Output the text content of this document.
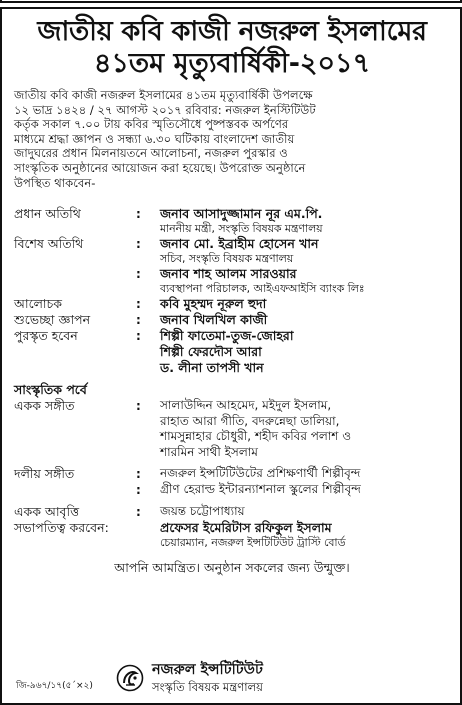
জাতীয় কবি কাজী নজরুল ইসলামের
৪১তম মৃত্যুবার্ষিকী-২০১৭

জাতীয় কবি কাজী নজরুল ইসলামের ৪১তম মৃত্যুবার্ষিকী উপলক্ষে

১২ ভাদ্র ১৪২৪ / ২৭ আগস্ট ২০১৭ রবিবার: নজরুল ইনস্টিটিউট

কর্তৃক সকাল ৭.০০ টায় কবির স্মৃতিসৌধে পুষ্পস্তবক অর্পণের

মাধ্যমে শ্রদ্ধা জ্ঞাপন ও সন্ধ্যা ৬.৩০ ঘটিকায় বাংলাদেশ জাতীয়

জাদুঘরের প্রধান মিলনায়তনে আলোচনা, নজরুল পুরস্কার ও

সাংস্কৃতিক অনুষ্ঠানের আয়োজন করা হয়েছে। উপরোক্ত অনুষ্ঠানে

উপস্থিত থাকবেন-

প্রধান অতিথি	:	জনাব আসাদুজ্জামান নূর এম.পি.
মাননীয় মন্ত্রী, সংস্কৃতি বিষয়ক মন্ত্রণালয়
বিশেষ অতিথি	:	জনাব মো. ইব্রাহীম হোসেন খান
সচিব, সংস্কৃতি বিষয়ক মন্ত্রণালয়
:	জনাব শাহ আলম সারওয়ার
ব্যবস্থাপনা পরিচালক, আইএফআইসি ব্যাংক লিঃ
আলোচক	:	কবি মুহম্মদ নূরুল হুদা
শুভেচ্ছা জ্ঞাপন	:	জনাব খিলখিল কাজী
পুরস্কৃত হবেন	:	শিল্পী ফাতেমা-তুজ-জোহরা
শিল্পী ফেরদৌস আরা
ড. লীনা তাপসী খান
সাংস্কৃতিক পর্বে
একক সঙ্গীত	:	সালাউদ্দিন আহমেদ, মইদুল ইসলাম,
রাহাত আরা গীতি, বদরুন্নেছা ডালিয়া,
শামসুন্নাহার চৌধুরী, শহীদ কবির পলাশ ও
শারমিন সাথী ইসলাম
দলীয় সঙ্গীত	:	নজরুল ইন্সটিটিউটের প্রশিক্ষণার্থী শিল্পীবৃন্দ
:	গ্রীণ হেরাল্ড ইন্টারন্যাশনাল স্কুলের শিল্পীবৃন্দ
একক আবৃত্তি	:	জয়ন্ত চট্টোপাধ্যায়
সভাপতিত্ব করবেন:	প্রফেসর ইমেরিটাস রফিকুল ইসলাম
চেয়ারম্যান, নজরুল ইন্সটিটিউট ট্রাস্টি বোর্ড
আপনি আমন্ত্রিত। অনুষ্ঠান সকলের জন্য উন্মুক্ত।
জি-৯৬৭/১৭(৫´×২)
নজরুল ইন্সটিটিউট
সংস্কৃতি বিষয়ক মন্ত্রণালয়
